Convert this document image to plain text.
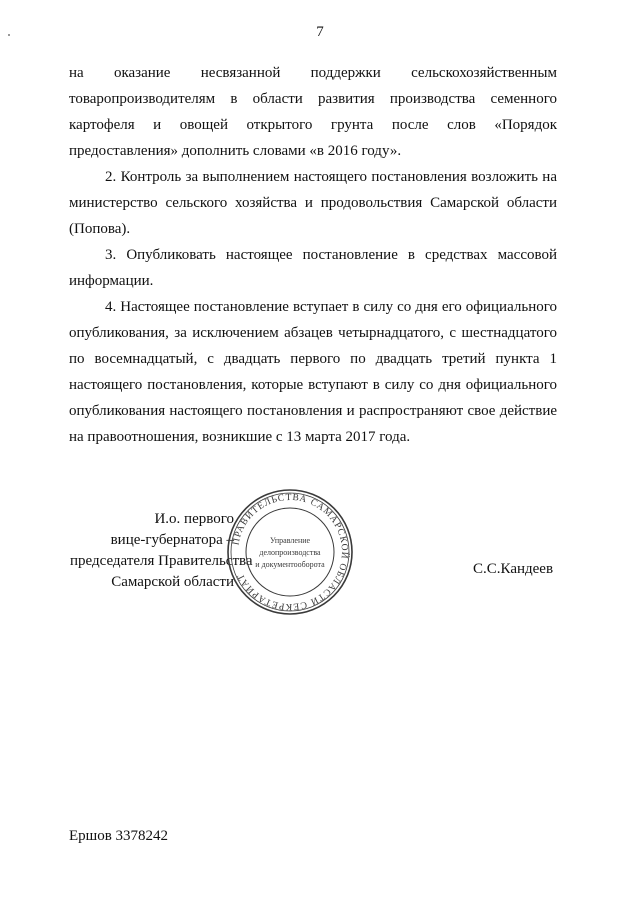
7

на оказание несвязанной поддержки сельскохозяйственным товаропроизводителям в области развития производства семенного картофеля и овощей открытого грунта после слов «Порядок предоставления» дополнить словами «в 2016 году».

2. Контроль за выполнением настоящего постановления возложить на министерство сельского хозяйства и продовольствия Самарской области (Попова).

3. Опубликовать настоящее постановление в средствах массовой информации.

4. Настоящее постановление вступает в силу со дня его официального опубликования, за исключением абзацев четырнадцатого, с шестнадцатого по восемнадцатый, с двадцать первого по двадцать третий пункта 1 настоящего постановления, которые вступают в силу со дня официального опубликования настоящего постановления и распространяют свое действие на правоотношения, возникшие с 13 марта 2017 года.

И.о. первого
вице-губернатора –
председателя Правительства
Самарской области
ПРАВИТЕЛЬСТВА САМАРСКОЙ ОБЛАСТИ СЕКРЕТАРИАТ
Управление
делопроизводства
и документооборота	С.С.Кандеев
Ершов 3378242
